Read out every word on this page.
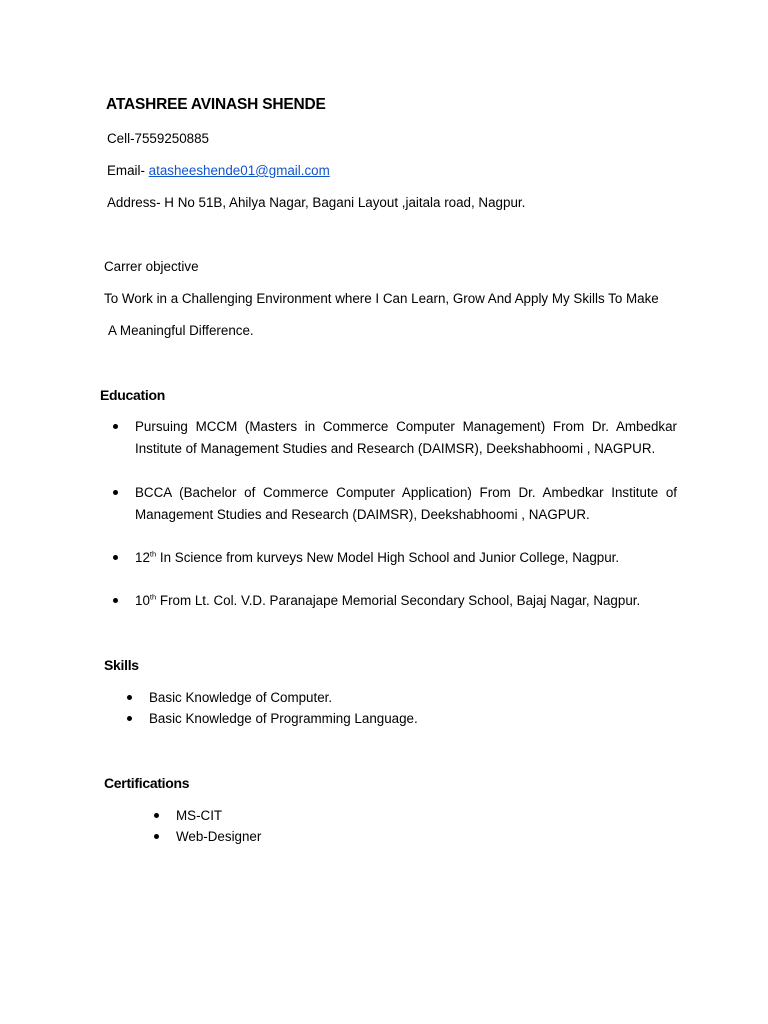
ATASHREE AVINASH SHENDE
Cell-7559250885
Email- atasheeshende01@gmail.com
Address- H No 51B, Ahilya Nagar, Bagani Layout ,jaitala road, Nagpur.
Carrer objective
To Work in a Challenging Environment where I Can Learn, Grow And Apply My Skills To Make
A Meaningful Difference.
Education
Pursuing MCCM (Masters in Commerce Computer Management) From Dr. Ambedkar Institute of Management Studies and Research (DAIMSR), Deekshabhoomi , NAGPUR.
BCCA (Bachelor of Commerce Computer Application) From Dr. Ambedkar Institute of Management Studies and Research (DAIMSR), Deekshabhoomi , NAGPUR.
12th In Science from kurveys New Model High School and Junior College, Nagpur.
10th From Lt. Col. V.D. Paranajape Memorial Secondary School, Bajaj Nagar, Nagpur.
Skills
Basic Knowledge of Computer.
Basic Knowledge of Programming Language.
Certifications
MS-CIT
Web-Designer
